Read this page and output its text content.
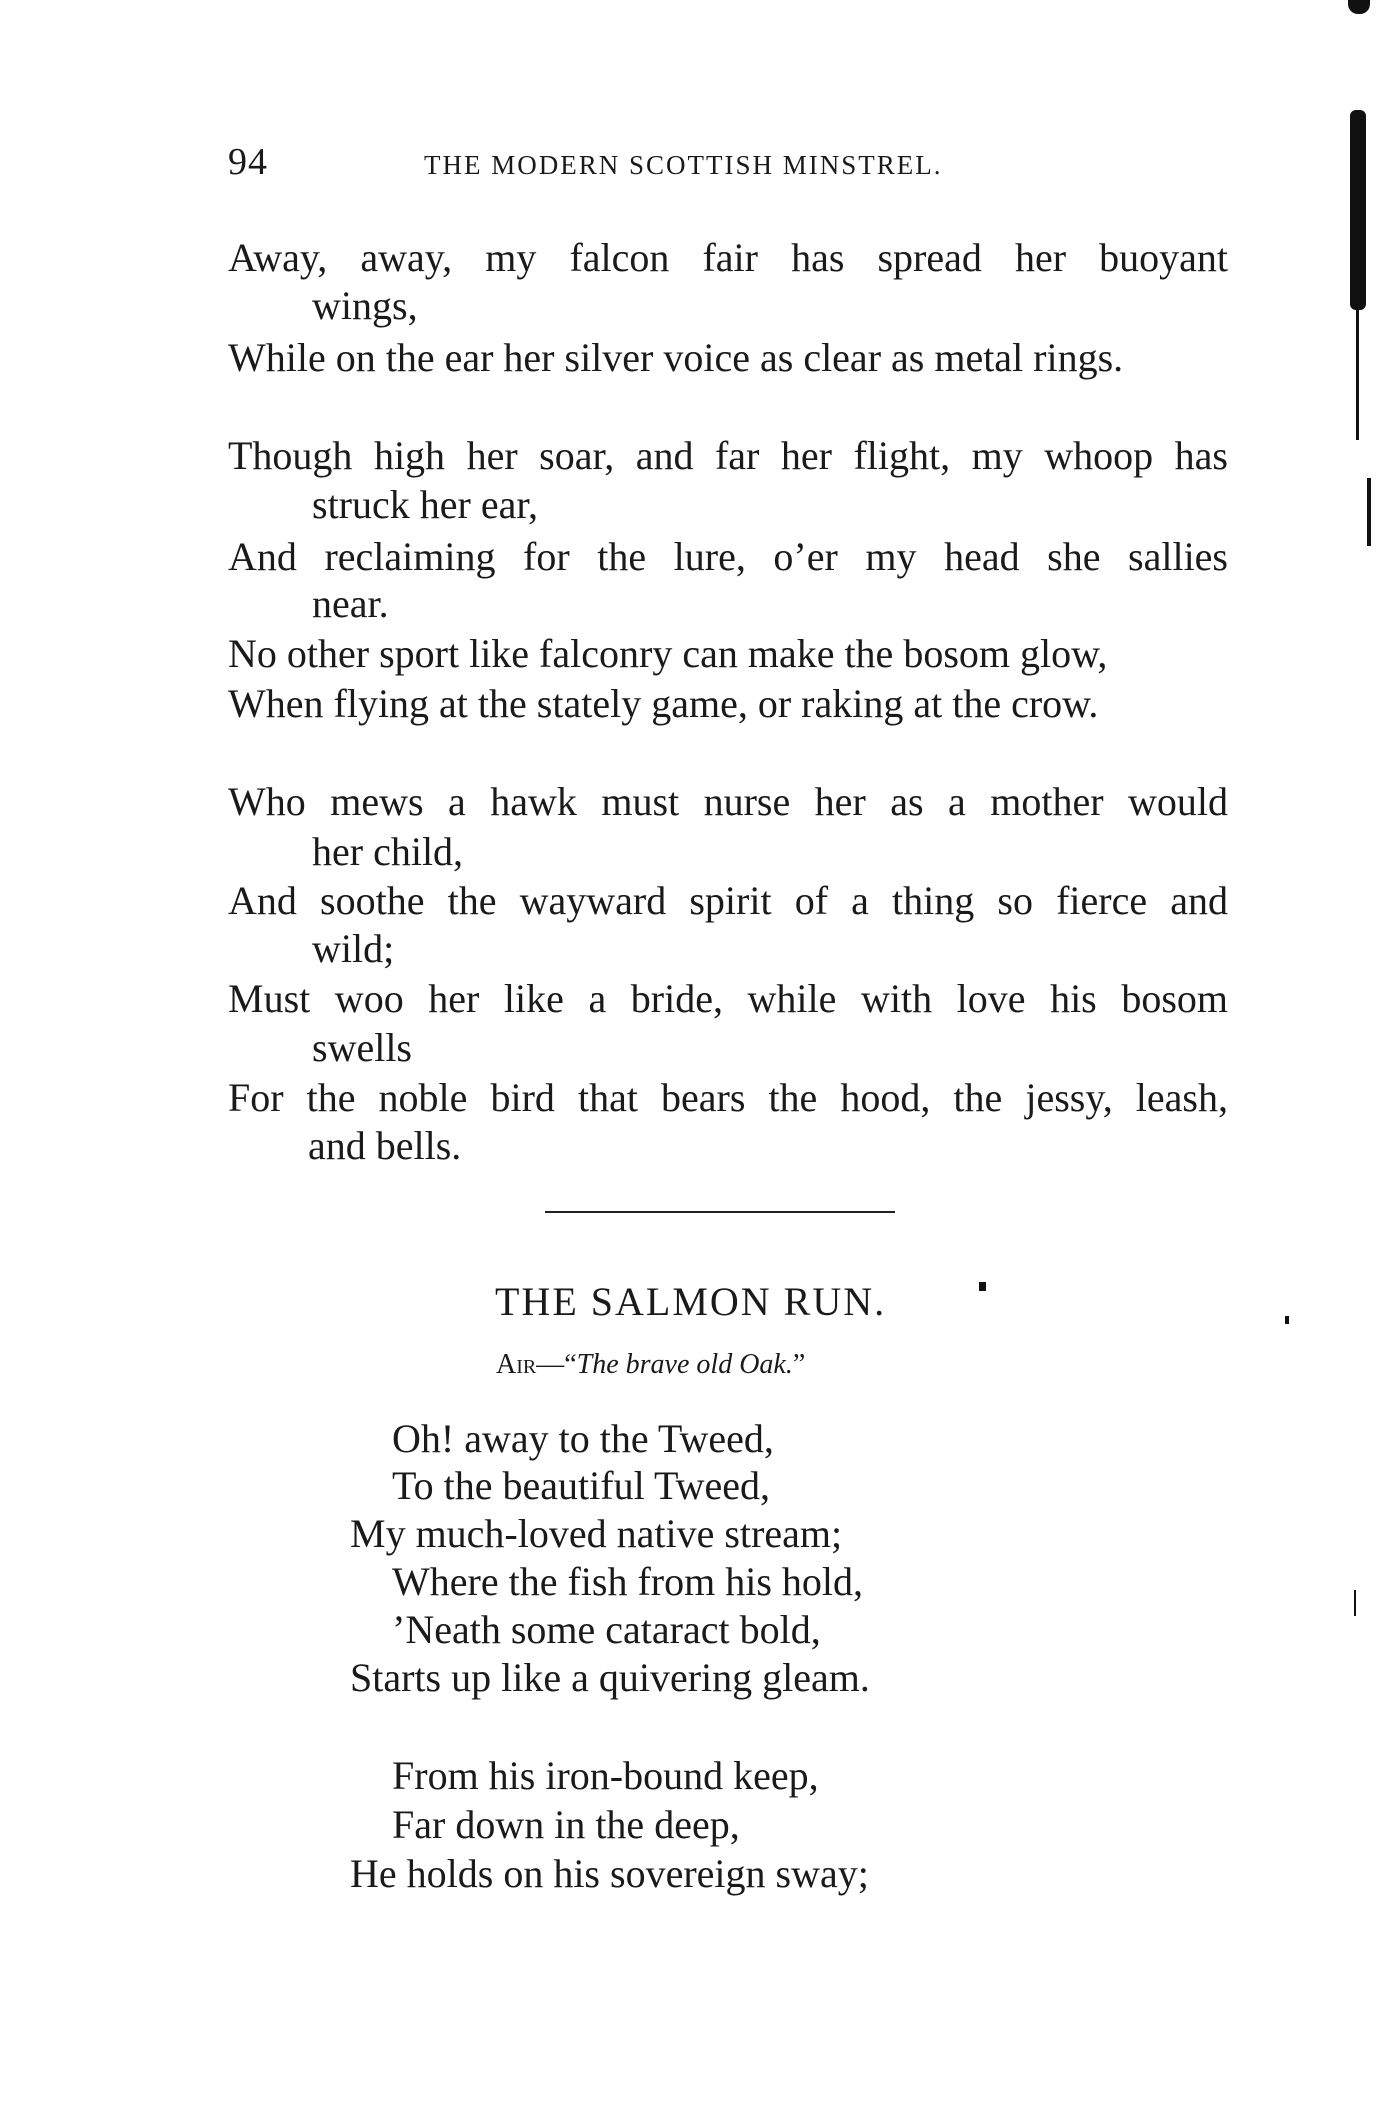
94	THE MODERN SCOTTISH MINSTREL.
Away, away, my falcon fair has spread her buoyant
wings,
While on the ear her silver voice as clear as metal rings.
Though high her soar, and far her flight, my whoop has
struck her ear,
And reclaiming for the lure, o’er my head she sallies
near.
No other sport like falconry can make the bosom glow,
When flying at the stately game, or raking at the crow.
Who mews a hawk must nurse her as a mother would
her child,
And soothe the wayward spirit of a thing so fierce and
wild;
Must woo her like a bride, while with love his bosom
swells
For the noble bird that bears the hood, the jessy, leash,
and bells.
THE SALMON RUN.
Air—“The brave old Oak.”
Oh! away to the Tweed,
To the beautiful Tweed,
My much-loved native stream;
Where the fish from his hold,
’Neath some cataract bold,
Starts up like a quivering gleam.
From his iron-bound keep,
Far down in the deep,
He holds on his sovereign sway;
